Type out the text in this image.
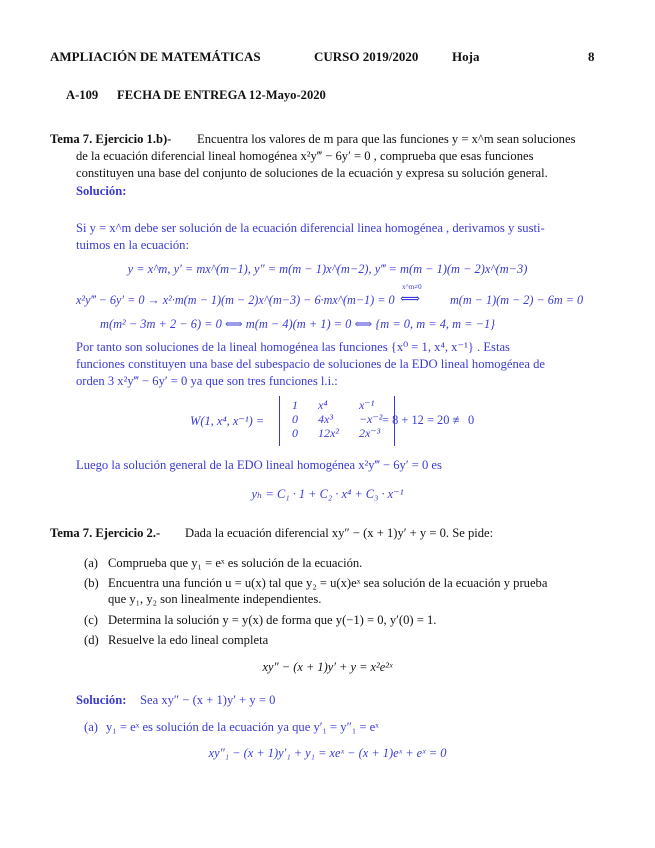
AMPLIACIÓN DE MATEMÁTICAS	CURSO 2019/2020	Hoja	8
A-109 FECHA DE ENTREGA 12-Mayo-2020
Tema 7. Ejercicio 1.b)- Encuentra los valores de m para que las funciones y = x^m sean soluciones
de la ecuación diferencial lineal homogénea x²y‴ − 6y′ = 0 , comprueba que esas funciones
constituyen una base del conjunto de soluciones de la ecuación y expresa su solución general.
Solución:
Si y = x^m debe ser solución de la ecuación diferencial linea homogénea , derivamos y susti-
tuimos en la ecuación:
y = x^m, y′ = mx^(m−1), y″ = m(m − 1)x^(m−2), y‴ = m(m − 1)(m − 2)x^(m−3)
x²y‴ − 6y′ = 0 → x²·m(m − 1)(m − 2)x^(m−3) − 6·mx^(m−1) = 0
x^m≠0
⟺ m(m − 1)(m − 2) − 6m = 0
m(m² − 3m + 2 − 6) = 0 ⟺ m(m − 4)(m + 1) = 0 ⟺ {m = 0, m = 4, m = −1}
Por tanto son soluciones de la lineal homogénea las funciones {x⁰ = 1, x⁴, x⁻¹} . Estas
funciones constituyen una base del subespacio de soluciones de la EDO lineal homogénea de
orden 3 x²y‴ − 6y′ = 0 ya que son tres funciones l.i.:
W(1, x⁴, x⁻¹) =
1	x⁴	x⁻¹
0	4x³	−x⁻²
0	12x²	2x⁻³
= 8 + 12 = 20 ≢ 0
Luego la solución general de la EDO lineal homogénea x²y‴ − 6y′ = 0 es
yₕ = C₁ · 1 + C₂ · x⁴ + C₃ · x⁻¹
Tema 7. Ejercicio 2.- Dada la ecuación diferencial xy″ − (x + 1)y′ + y = 0. Se pide:
(a) Comprueba que y₁ = eˣ es solución de la ecuación.
(b) Encuentra una función u = u(x) tal que y₂ = u(x)eˣ sea solución de la ecuación y prueba
que y₁, y₂ son linealmente independientes.
(c) Determina la solución y = y(x) de forma que y(−1) = 0, y′(0) = 1.
(d) Resuelve la edo lineal completa
xy″ − (x + 1)y′ + y = x²e²ˣ
Solución: Sea xy″ − (x + 1)y′ + y = 0
(a) y₁ = eˣ es solución de la ecuación ya que y′₁ = y″₁ = eˣ
xy″₁ − (x + 1)y′₁ + y₁ = xeˣ − (x + 1)eˣ + eˣ = 0
